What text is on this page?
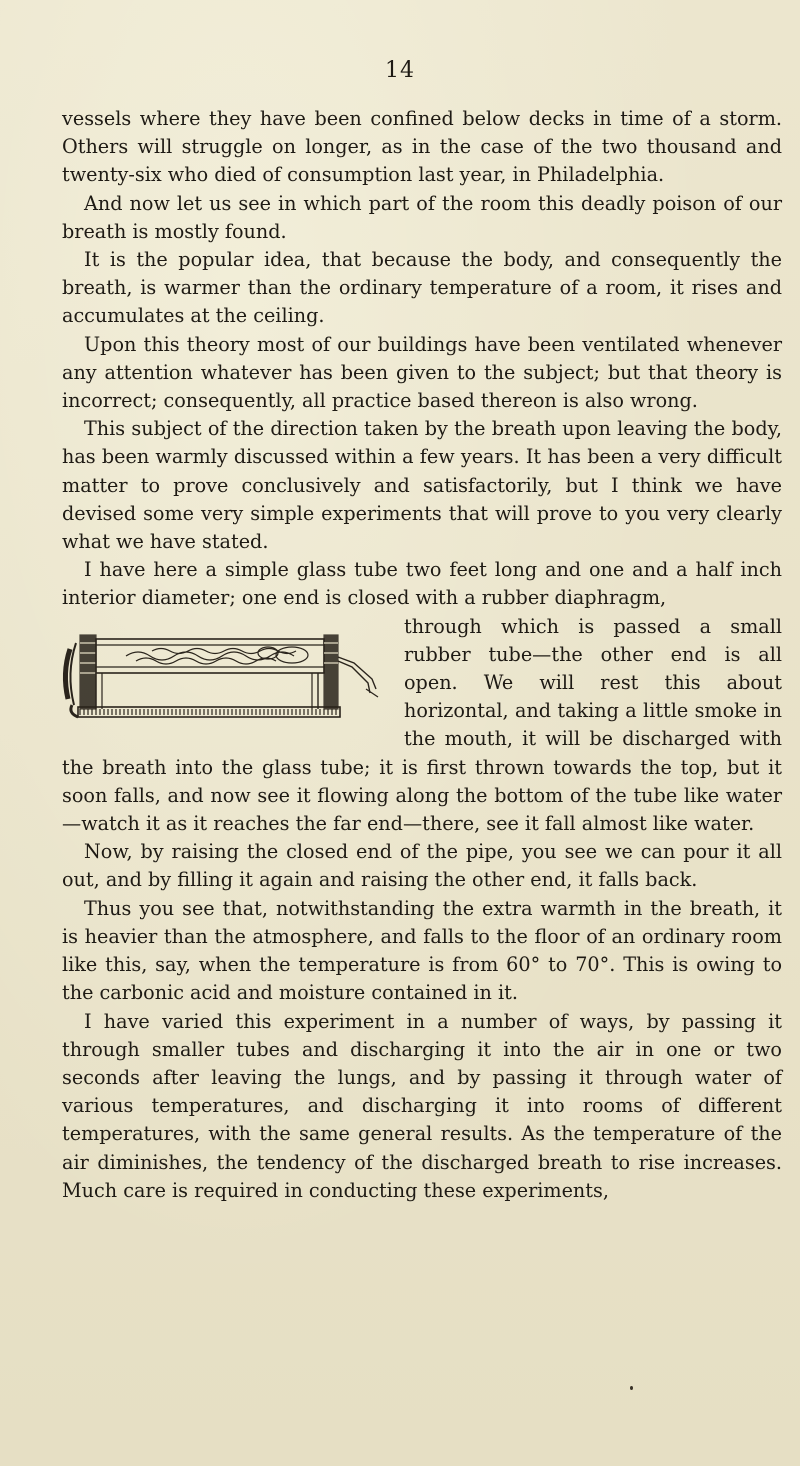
14

vessels where they have been confined below decks in time of a storm. Others will struggle on longer, as in the case of the two thousand and twenty-six who died of consumption last year, in Philadelphia.

And now let us see in which part of the room this deadly poison of our breath is mostly found.

It is the popular idea, that because the body, and consequently the breath, is warmer than the ordinary temperature of a room, it rises and accumulates at the ceiling.

Upon this theory most of our buildings have been ventilated whenever any attention whatever has been given to the subject; but that theory is incorrect; consequently, all practice based thereon is also wrong.

This subject of the direction taken by the breath upon leaving the body, has been warmly discussed within a few years. It has been a very difficult matter to prove conclusively and satisfactorily, but I think we have devised some very simple experiments that will prove to you very clearly what we have stated.

I have here a simple glass tube two feet long and one and a half inch interior diameter; one end is closed with a rubber diaphragm,

through which is passed a small rubber tube—the other end is all open. We will rest this about horizontal, and taking a little smoke in the mouth, it will be discharged with the breath into the glass tube; it is first thrown towards the top, but it soon falls, and now see it flowing along the bottom of the tube like water—watch it as it reaches the far end—there, see it fall almost like water.

Now, by raising the closed end of the pipe, you see we can pour it all out, and by filling it again and raising the other end, it falls back.

Thus you see that, notwithstanding the extra warmth in the breath, it is heavier than the atmosphere, and falls to the floor of an ordinary room like this, say, when the temperature is from 60° to 70°. This is owing to the carbonic acid and moisture contained in it.

I have varied this experiment in a number of ways, by passing it through smaller tubes and discharging it into the air in one or two seconds after leaving the lungs, and by passing it through water of various temperatures, and discharging it into rooms of different temperatures, with the same general results. As the temperature of the air diminishes, the tendency of the discharged breath to rise increases. Much care is required in conducting these experiments,
